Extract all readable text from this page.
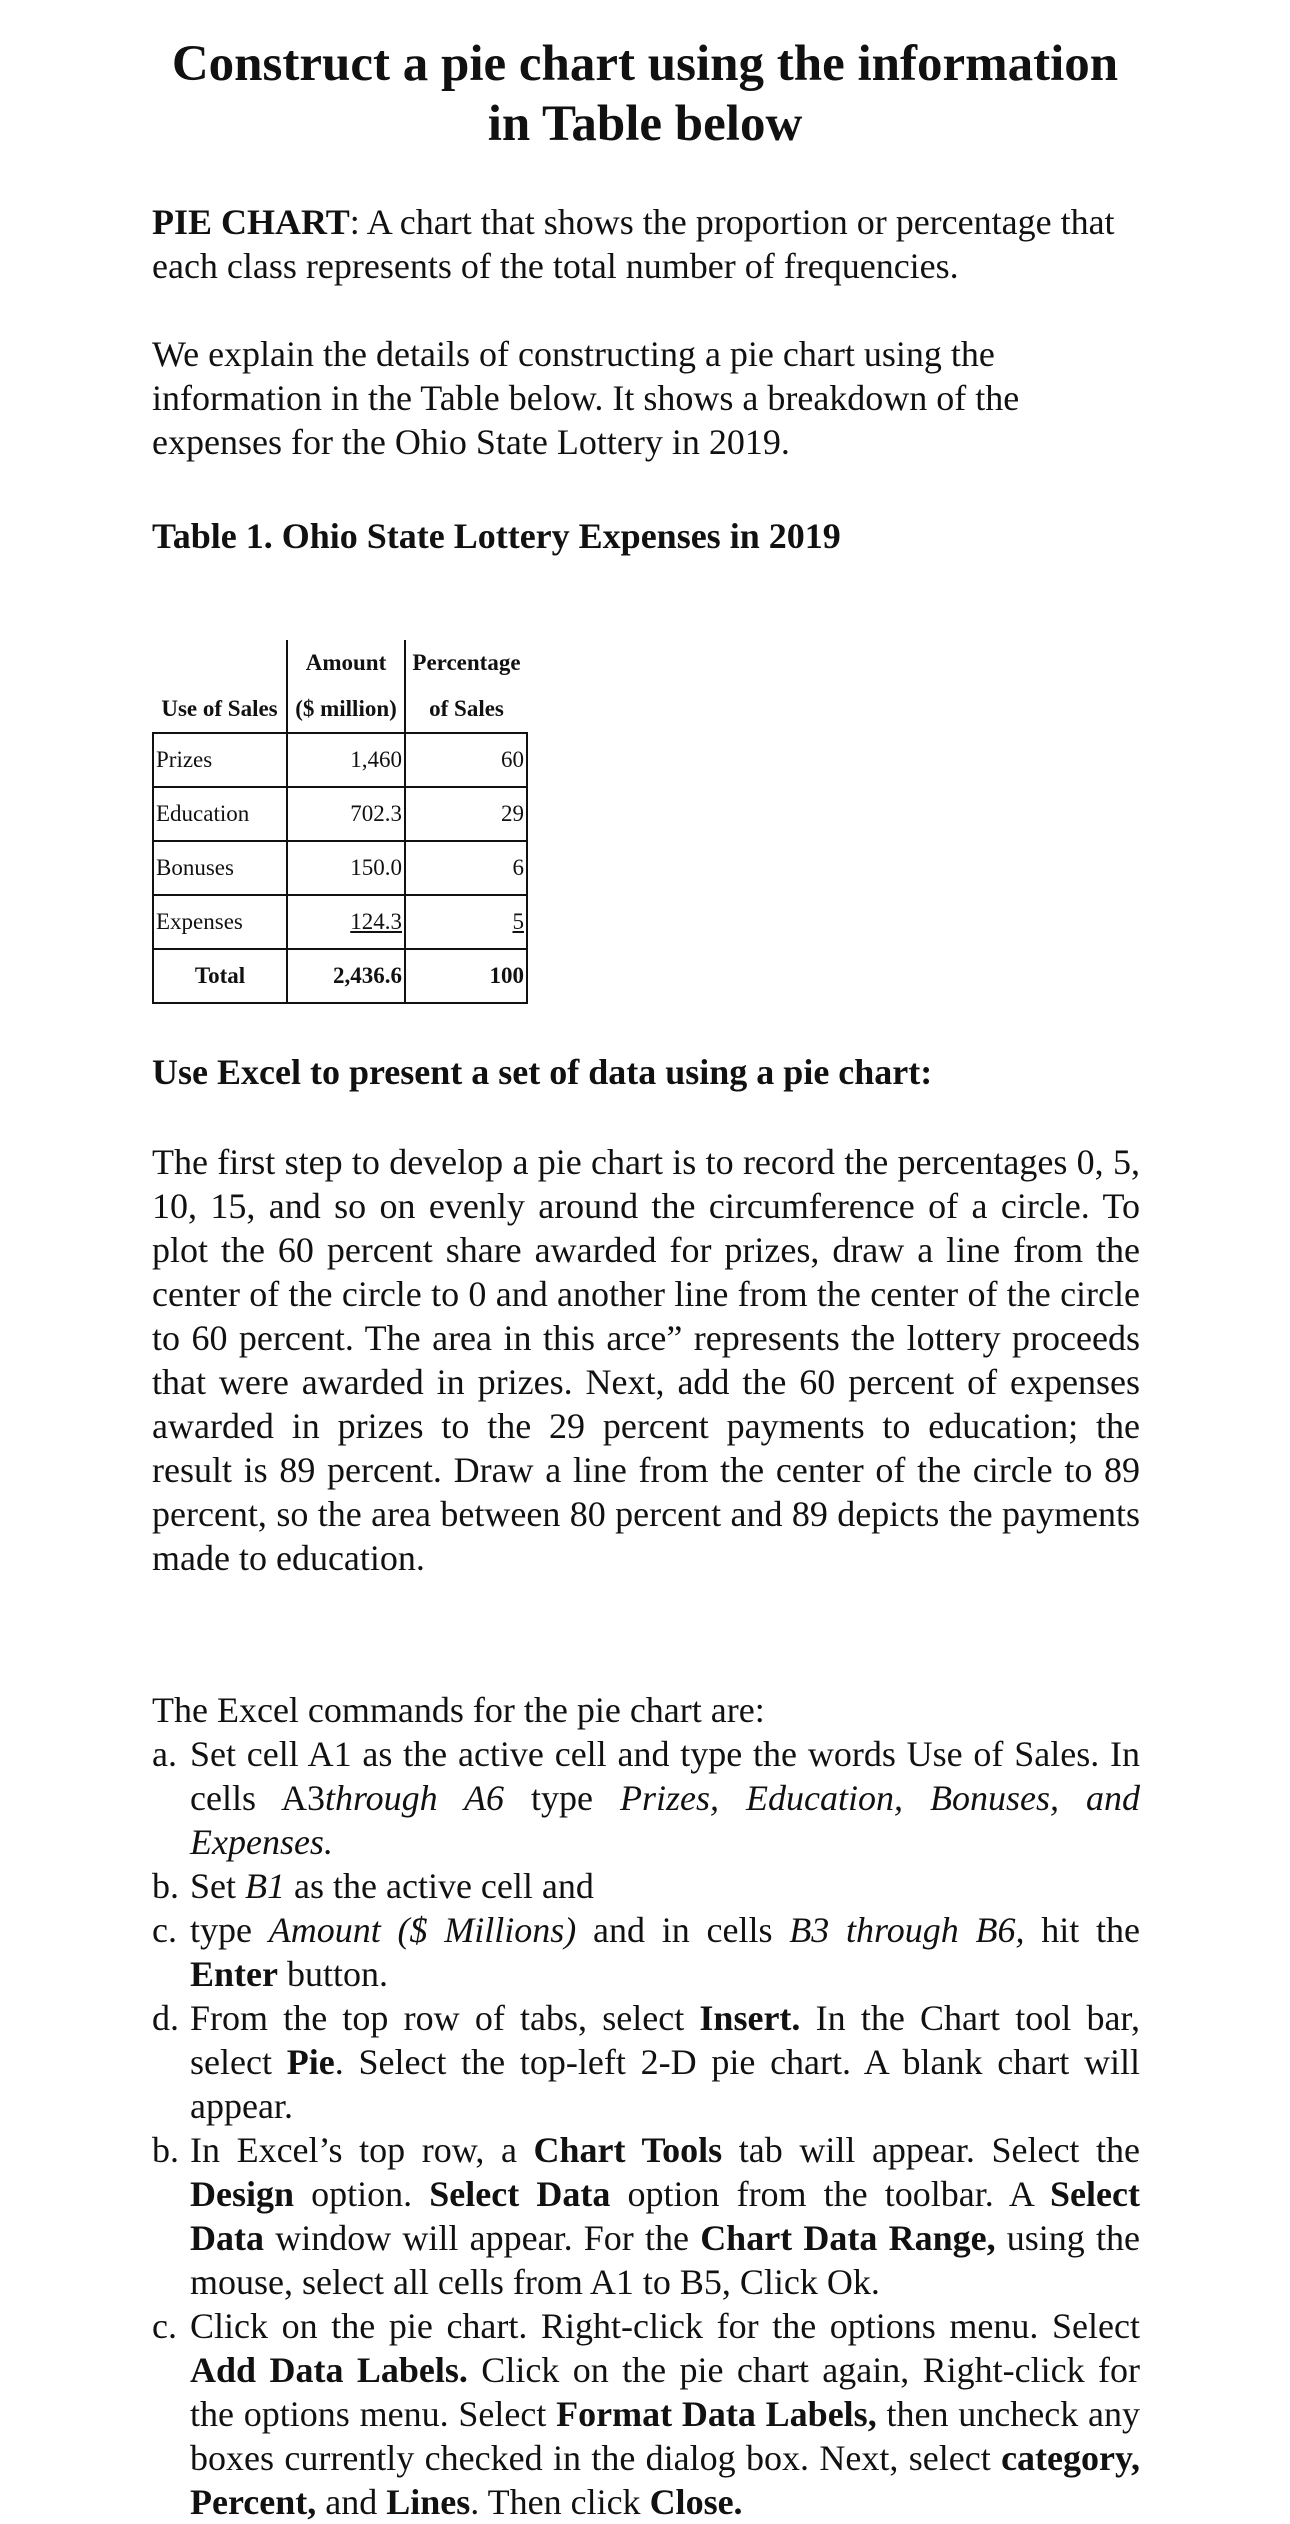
Construct a pie chart using the information
in Table below

PIE CHART: A chart that shows the proportion or percentage that each class represents of the total number of frequencies.

We explain the details of constructing a pie chart using the information in the Table below. It shows a breakdown of the expenses for the Ohio State Lottery in 2019.

Table 1. Ohio State Lottery Expenses in 2019

	Amount	Percentage
Use of Sales	($ million)	of Sales
Prizes	1,460	60
Education	702.3	29
Bonuses	150.0	6
Expenses	124.3	5
Total	2,436.6	100

Use Excel to present a set of data using a pie chart:

The first step to develop a pie chart is to record the percentages 0, 5, 10, 15, and so on evenly around the circumference of a circle. To plot the 60 percent share awarded for prizes, draw a line from the center of the circle to 0 and another line from the center of the circle to 60 percent. The area in this arce” represents the lottery proceeds that were awarded in prizes. Next, add the 60 percent of expenses awarded in prizes to the 29 percent payments to education; the result is 89 percent. Draw a line from the center of the circle to 89 percent, so the area between 80 percent and 89 depicts the payments made to education.

The Excel commands for the pie chart are:

a. Set cell A1 as the active cell and type the words Use of Sales. In cells A3through A6 type Prizes, Education, Bonuses, and Expenses.
b. Set B1 as the active cell and
c. type Amount ($ Millions) and in cells B3 through B6, hit the Enter button.
d. From the top row of tabs, select Insert. In the Chart tool bar, select Pie. Select the top-left 2-D pie chart. A blank chart will appear.
b. In Excel’s top row, a Chart Tools tab will appear. Select the Design option. Select Data option from the toolbar. A Select Data window will appear. For the Chart Data Range, using the mouse, select all cells from A1 to B5, Click Ok.
c. Click on the pie chart. Right-click for the options menu. Select Add Data Labels. Click on the pie chart again, Right-click for the options menu. Select Format Data Labels, then uncheck any boxes currently checked in the dialog box. Next, select category, Percent, and Lines. Then click Close.
